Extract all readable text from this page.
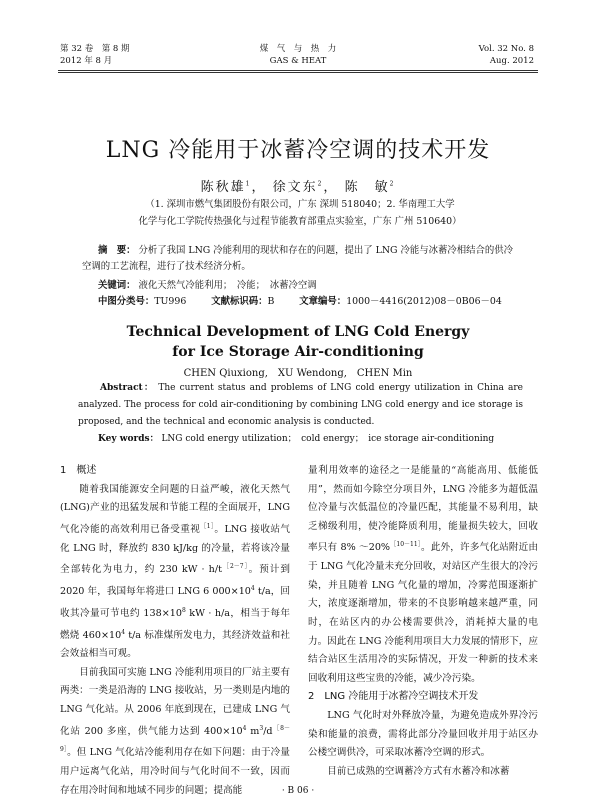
第 32 卷　第 8 期
2012 年 8 月
煤　气　与　热　力
GAS & HEAT
Vol. 32 No. 8
Aug. 2012
LNG 冷能用于冰蓄冷空调的技术开发
陈秋雄$^1$， 徐文东$^2$， 陈　敏$^2$
（1. 深圳市燃气集团股份有限公司，广东 深圳 518040；2. 华南理工大学
化学与化工学院传热强化与过程节能教育部重点实验室，广东 广州 510640）
摘　要： 分析了我国 LNG 冷能利用的现状和存在的问题，提出了 LNG 冷能与冰蓄冷相结合的供冷空调的工艺流程，进行了技术经济分析。
关键词： 液化天然气冷能利用；　冷能；　冰蓄冷空调
中图分类号：TU996	文献标识码：B	文章编号：1000－4416(2012)08－0B06－04
Technical Development of LNG Cold Energy
for Ice Storage Air-conditioning
CHEN Qiuxiong,　XU Wendong,　CHEN Min
Abstract： The current status and problems of LNG cold energy utilization in China are analyzed. The process for cold air-conditioning by combining LNG cold energy and ice storage is proposed, and the technical and economic analysis is conducted.
Key words： LNG cold energy utilization；　cold energy；　ice storage air-conditioning

1　概述

随着我国能源安全问题的日益严峻，液化天然气(LNG)产业的迅猛发展和节能工程的全面展开，LNG 气化冷能的高效利用已备受重视$^{[1]}$。LNG 接收站气化 LNG 时，释放约 830 kJ/kg 的冷量，若将该冷量全部转化为电力，约 230 kW · $h/t^{[2-7]}$。预计到 2020 年，我国每年将进口 LNG 6 $000\times 10^4$ t/a，回收其冷量可节电约 $138\times 10^8$ kW · h/a，相当于每年燃烧 $460\times 10^4$ t/a 标准煤所发电力，其经济效益和社会效益相当可观。

目前我国可实施 LNG 冷能利用项目的厂站主要有两类：一类是沿海的 LNG 接收站，另一类则是内地的 LNG 气化站。从 2006 年底到现在，已建成 LNG 气化站 200 多座，供气能力达到 $400\times 10^4$ $m^3/d^{[8-9]}$。但 LNG 气化站冷能利用存在如下问题：由于冷量用户远离气化站，用冷时间与气化时间不一致，因而存在用冷时间和地域不同步的问题；提高能

量利用效率的途径之一是能量的“高能高用、低能低用”，然而如今除空分项目外，LNG 冷能多为超低温位冷量与次低温位的冷量匹配，其能量不易利用，缺乏梯级利用，使冷能降质利用，能量损失较大，回收率只有 8% ～20%$^{[10-11]}$。此外，许多气化站附近由于 LNG 气化冷量未充分回收，对站区产生很大的冷污染，并且随着 LNG 气化量的增加，冷雾范围逐渐扩大，浓度逐渐增加，带来的不良影响越来越严重，同时，在站区内的办公楼需要供冷，消耗掉大量的电力。因此在 LNG 冷能利用项目大力发展的情形下，应结合站区生活用冷的实际情况，开发一种新的技术来回收利用这些宝贵的冷能，减少冷污染。

2　LNG 冷能用于冰蓄冷空调技术开发

LNG 气化时对外释放冷量，为避免造成外界冷污染和能量的浪费，需将此部分冷量回收并用于站区办公楼空调供冷，可采取冰蓄冷空调的形式。

目前已成熟的空调蓄冷方式有水蓄冷和冰蓄

· B 06 ·
